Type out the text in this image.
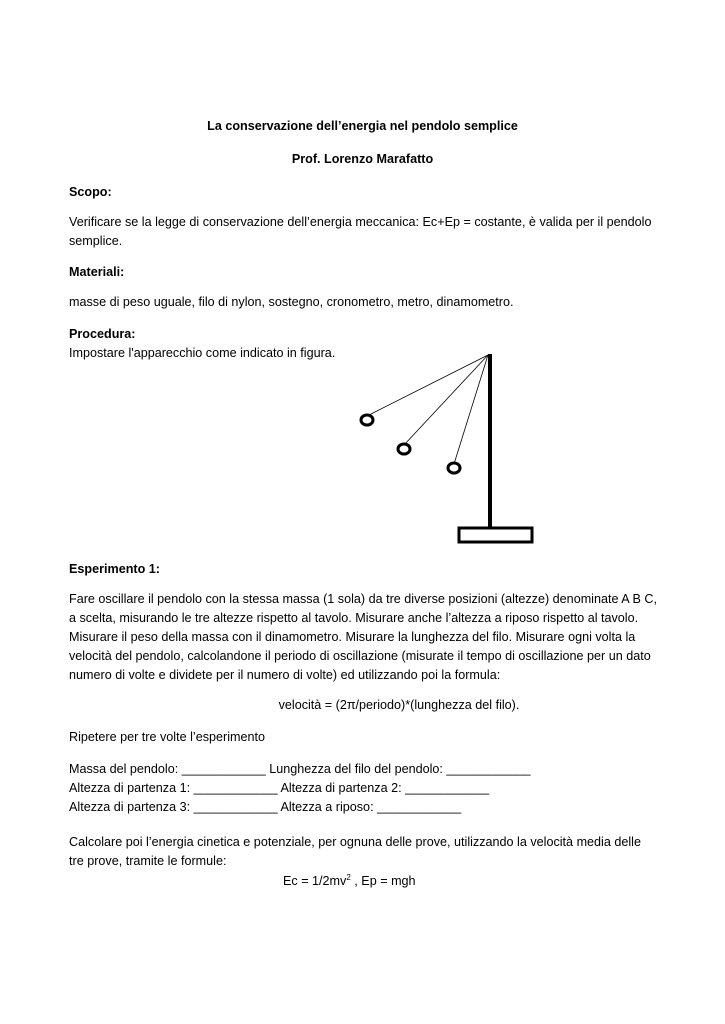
La conservazione dell’energia nel pendolo semplice

Prof. Lorenzo Marafatto

Scopo:

Verificare se la legge di conservazione dell’energia meccanica: Ec+Ep = costante, è valida per il pendolo semplice.

Materiali:

masse di peso uguale, filo di nylon, sostegno, cronometro, metro, dinamometro.

Procedura:

Impostare l'apparecchio come indicato in figura.

Esperimento 1:

Fare oscillare il pendolo con la stessa massa (1 sola) da tre diverse posizioni (altezze) denominate A B C, a scelta, misurando le tre altezze rispetto al tavolo. Misurare anche l’altezza a riposo rispetto al tavolo. Misurare il peso della massa con il dinamometro. Misurare la lunghezza del filo. Misurare ogni volta la velocità del pendolo, calcolandone il periodo di oscillazione (misurate il tempo di oscillazione per un dato numero di volte e dividete per il numero di volte) ed utilizzando poi la formula:

velocità = (2π/periodo)*(lunghezza del filo).

Ripetere per tre volte l’esperimento

Massa del pendolo: ____________ Lunghezza del filo del pendolo: ____________

Altezza di partenza 1: ____________ Altezza di partenza 2: ____________

Altezza di partenza 3: ____________ Altezza a riposo: ____________

Calcolare poi l’energia cinetica e potenziale, per ognuna delle prove, utilizzando la velocità media delle tre prove, tramite le formule:

$Ec = 1/2mv^2$ , Ep = mgh
